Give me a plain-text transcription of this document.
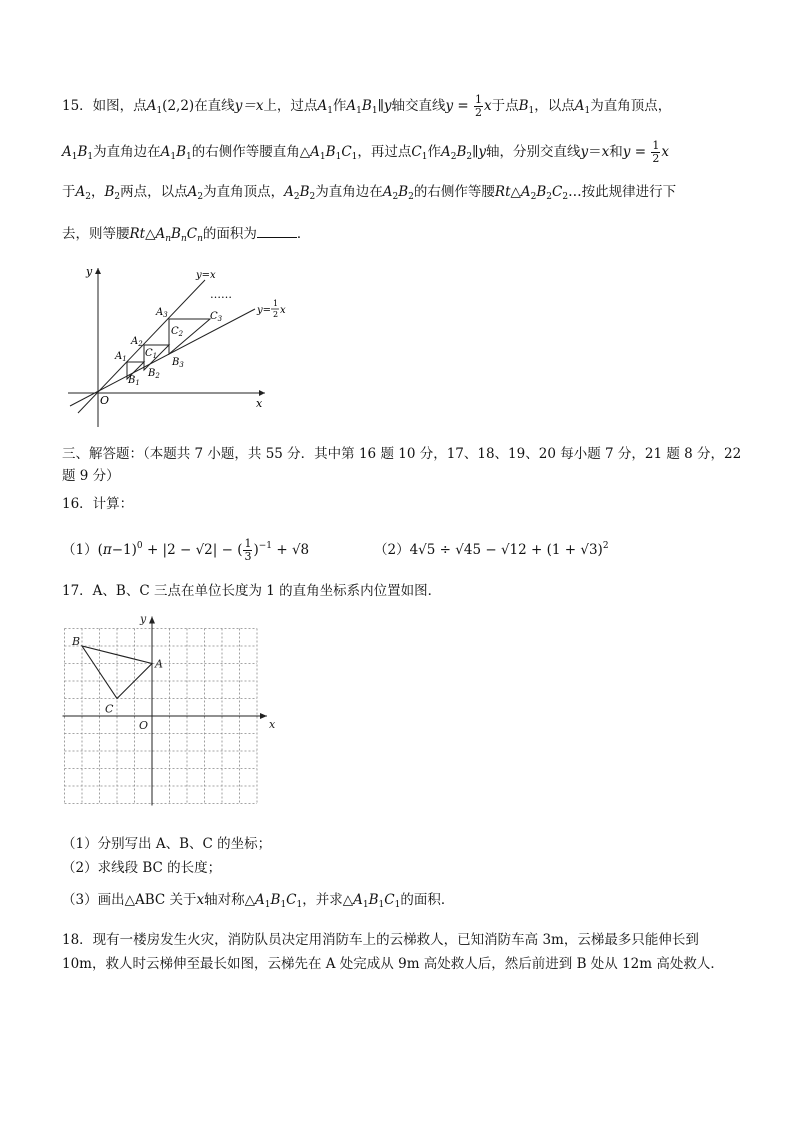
15．如图，点$A_1(2,2)$在直线y＝x上，过点$A_1$作$A_1B_1\parallel y$轴交直线$y = \frac{1}{2}$ x于点$B_1$，以点$A_1$为直角顶点，
$A_1B_1$为直角边在$A_1B_1$的右侧作等腰直角$\triangle A_1B_1C_1$，再过点$C_1$作$A_2B_2\parallel y$轴，分别交直线y＝x和$y = \frac{1}{2}$ x
于$A_2$，$B_2$两点，以点$A_2$为直角顶点，$A_2B_2$为直角边在$A_2B_2$的右侧作等腰$Rt\triangle A_2B_2C_2\dots$按此规律进行下
去，则等腰$Rt\triangle A_nB_nC_n$的面积为	．
y
x
O
y=x
y=
1
2 x
……
$A_1$
$A_2$
$A_3$
$B_1$
$B_2$
$B_3$
$C_1$
$C_2$
$C_3$
三、解答题：（本题共 7 小题，共 55 分．其中第 16 题 10 分，17、18、19、20 每小题 7 分，21 题 8 分，22
题 9 分）
16．计算：
$(1)(\pi-1)^0 + |2 - √2|$ − ( $\frac{1}{3} )^{-1} + √8$	$(2)4√5 \div √45 - √12 + (1 + √3)^2$
17．A、B、C 三点在单位长度为 1 的直角坐标系内位置如图．
y
x
O
A
B
C
（1）分别写出 A、B、C 的坐标；
（2）求线段 BC 的长度；
（3）画出△ABC 关于x轴对称$\triangle A_1B_1C_1$，并求$\triangle A_1B_1C_1$的面积．
18．现有一楼房发生火灾，消防队员决定用消防车上的云梯救人，已知消防车高 3m，云梯最多只能伸长到
10m，救人时云梯伸至最长如图，云梯先在 A 处完成从 9m 高处救人后，然后前进到 B 处从 12m 高处救人．
